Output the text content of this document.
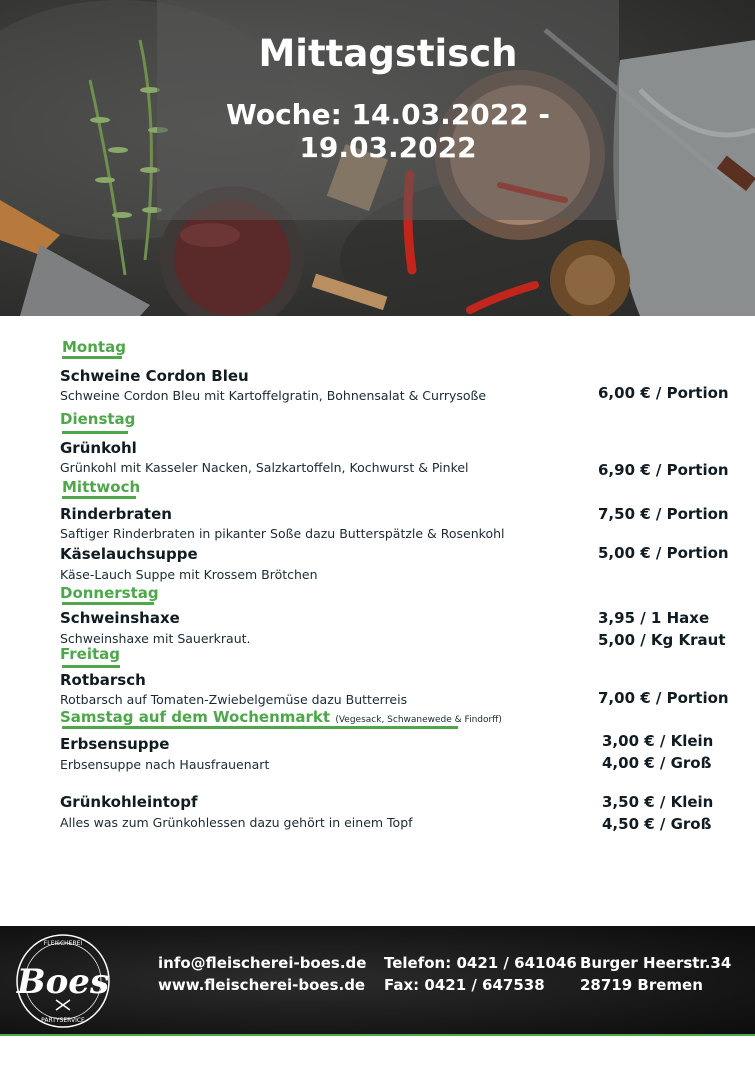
Mittagstisch
Woche: 14.03.2022 - 19.03.2022
Montag
Schweine Cordon Bleu
Schweine Cordon Bleu mit Kartoffelgratin, Bohnensalat & Currysoße	6,00 € / Portion
Dienstag
Grünkohl
Grünkohl mit Kasseler Nacken, Salzkartoffeln, Kochwurst & Pinkel	6,90 € / Portion
Mittwoch
Rinderbraten
Saftiger Rinderbraten in pikanter Soße dazu Butterspätzle & Rosenkohl
7,50 € / Portion
Käselauchsuppe
Käse-Lauch Suppe mit Krossem Brötchen
5,00 € / Portion
Donnerstag
Schweinshaxe
Schweinshaxe mit Sauerkraut.
3,95 / 1 Haxe
5,00 / Kg Kraut
Freitag
Rotbarsch
Rotbarsch auf Tomaten-Zwiebelgemüse dazu Butterreis	7,00 € / Portion
Samstag auf dem Wochenmarkt (Vegesack, Schwanewede & Findorff)
Erbsensuppe
Erbsensuppe nach Hausfrauenart
3,00 € / Klein
4,00 € / Groß
Grünkohleintopf
Alles was zum Grünkohlessen dazu gehört in einem Topf
3,50 € / Klein
4,50 € / Groß
Boes
FLEISCHEREI
PARTYSERVICE
info@fleischerei-boes.de
www.fleischerei-boes.de
Telefon: 0421 / 641046
Fax: 0421 / 647538
Burger Heerstr.34
28719 Bremen
